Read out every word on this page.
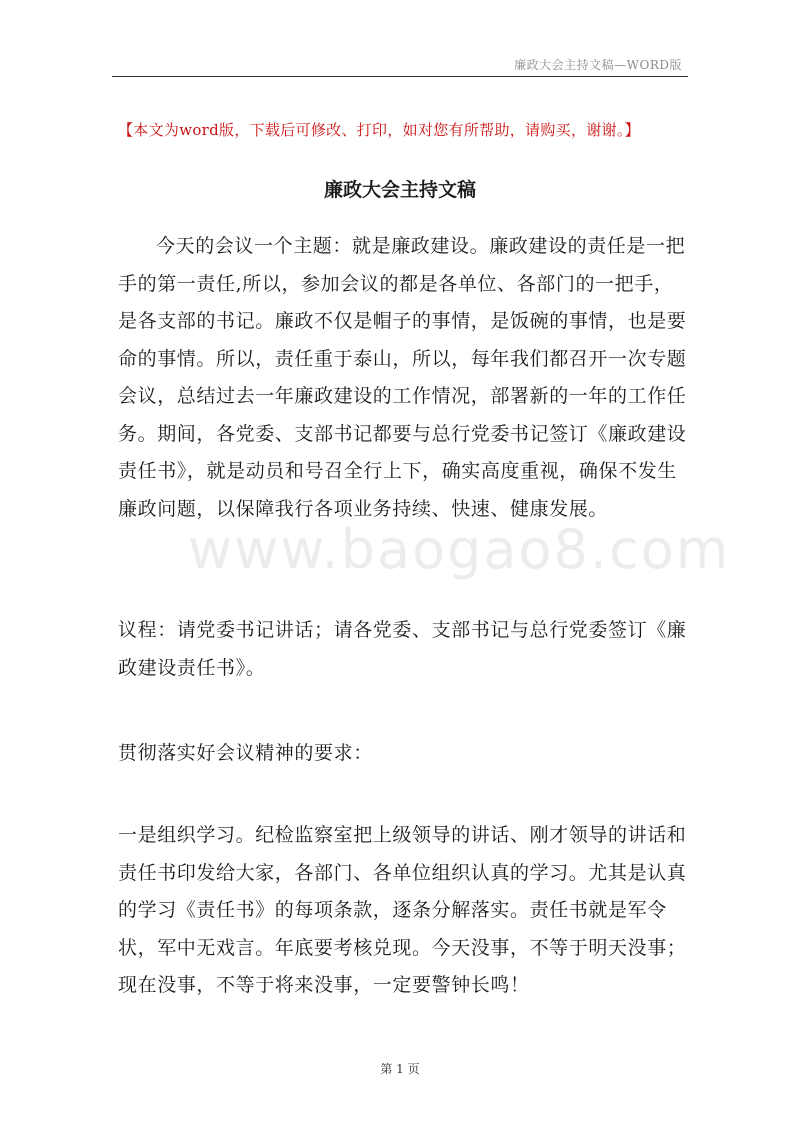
廉政大会主持文稿—WORD版
【本文为word版，下载后可修改、打印，如对您有所帮助，请购买，谢谢。】
廉政大会主持文稿

今天的会议一个主题：就是廉政建设。廉政建设的责任是一把手的第一责任,所以，参加会议的都是各单位、各部门的一把手，是各支部的书记。廉政不仅是帽子的事情，是饭碗的事情，也是要命的事情。所以，责任重于泰山，所以，每年我们都召开一次专题会议，总结过去一年廉政建设的工作情况，部署新的一年的工作任务。期间，各党委、支部书记都要与总行党委书记签订《廉政建设责任书》，就是动员和号召全行上下，确实高度重视，确保不发生廉政问题，以保障我行各项业务持续、快速、健康发展。

议程：请党委书记讲话；请各党委、支部书记与总行党委签订《廉政建设责任书》。

贯彻落实好会议精神的要求：

一是组织学习。纪检监察室把上级领导的讲话、刚才领导的讲话和责任书印发给大家，各部门、各单位组织认真的学习。尤其是认真的学习《责任书》的每项条款，逐条分解落实。责任书就是军令状，军中无戏言。年底要考核兑现。今天没事，不等于明天没事；现在没事，不等于将来没事，一定要警钟长鸣！

www.baogao8.com
第 1 页
